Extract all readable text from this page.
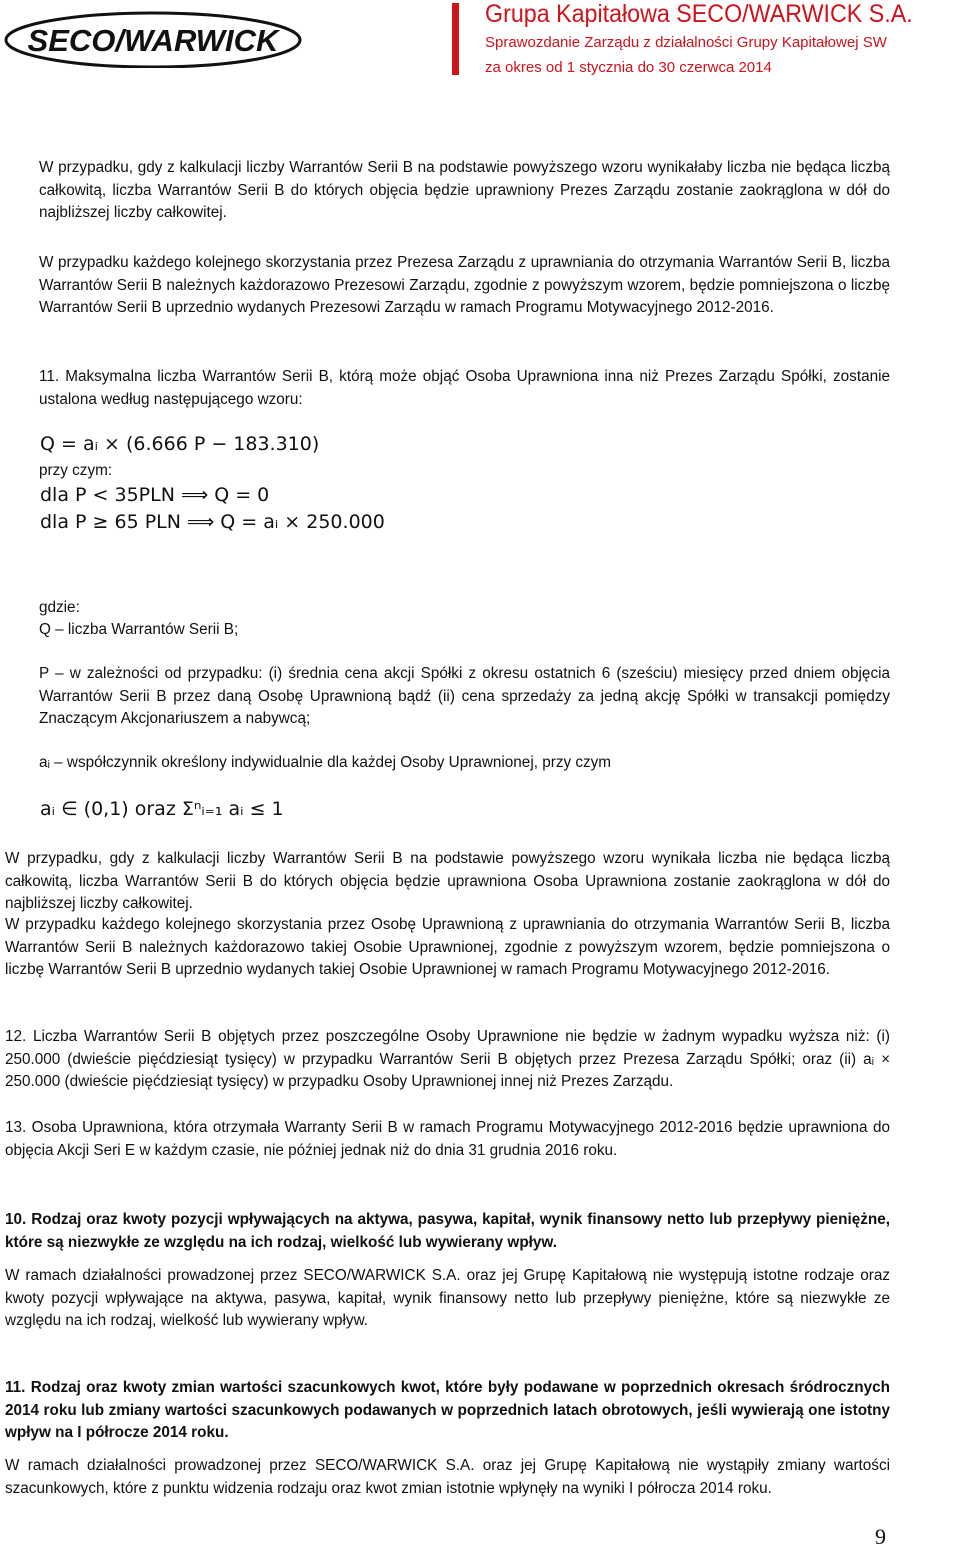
SECO/WARWICK
Grupa Kapitałowa SECO/WARWICK S.A.
Sprawozdanie Zarządu z działalności Grupy Kapitałowej SW
za okres od 1 stycznia do 30 czerwca 2014
W przypadku, gdy z kalkulacji liczby Warrantów Serii B na podstawie powyższego wzoru wynikałaby liczba nie będąca liczbą całkowitą, liczba Warrantów Serii B do których objęcia będzie uprawniony Prezes Zarządu zostanie zaokrąglona w dół do najbliższej liczby całkowitej.
W przypadku każdego kolejnego skorzystania przez Prezesa Zarządu z uprawniania do otrzymania Warrantów Serii B, liczba Warrantów Serii B należnych każdorazowo Prezesowi Zarządu, zgodnie z powyższym wzorem, będzie pomniejszona o liczbę Warrantów Serii B uprzednio wydanych Prezesowi Zarządu w ramach Programu Motywacyjnego 2012-2016.
11. Maksymalna liczba Warrantów Serii B, którą może objąć Osoba Uprawniona inna niż Prezes Zarządu Spółki, zostanie ustalona według następującego wzoru:
Q = aᵢ × (6.666 P − 183.310)
przy czym:
dla P < 35PLN ⟹ Q = 0
dla P ≥ 65 PLN ⟹ Q = aᵢ × 250.000
gdzie:
Q – liczba Warrantów Serii B;
P – w zależności od przypadku: (i) średnia cena akcji Spółki z okresu ostatnich 6 (sześciu) miesięcy przed dniem objęcia Warrantów Serii B przez daną Osobę Uprawnioną bądź (ii) cena sprzedaży za jedną akcję Spółki w transakcji pomiędzy Znaczącym Akcjonariuszem a nabywcą;
aᵢ – współczynnik określony indywidualnie dla każdej Osoby Uprawnionej, przy czym
aᵢ ∈ (0,1) oraz Σⁿᵢ₌₁ aᵢ ≤ 1
W przypadku, gdy z kalkulacji liczby Warrantów Serii B na podstawie powyższego wzoru wynikała liczba nie będąca liczbą całkowitą, liczba Warrantów Serii B do których objęcia będzie uprawniona Osoba Uprawniona zostanie zaokrąglona w dół do najbliższej liczby całkowitej.
W przypadku każdego kolejnego skorzystania przez Osobę Uprawnioną z uprawniania do otrzymania Warrantów Serii B, liczba Warrantów Serii B należnych każdorazowo takiej Osobie Uprawnionej, zgodnie z powyższym wzorem, będzie pomniejszona o liczbę Warrantów Serii B uprzednio wydanych takiej Osobie Uprawnionej w ramach Programu Motywacyjnego 2012-2016.
12. Liczba Warrantów Serii B objętych przez poszczególne Osoby Uprawnione nie będzie w żadnym wypadku wyższa niż: (i) 250.000 (dwieście pięćdziesiąt tysięcy) w przypadku Warrantów Serii B objętych przez Prezesa Zarządu Spółki; oraz (ii) aᵢ × 250.000 (dwieście pięćdziesiąt tysięcy) w przypadku Osoby Uprawnionej innej niż Prezes Zarządu.
13. Osoba Uprawniona, która otrzymała Warranty Serii B w ramach Programu Motywacyjnego 2012-2016 będzie uprawniona do objęcia Akcji Seri E w każdym czasie, nie później jednak niż do dnia 31 grudnia 2016 roku.
10. Rodzaj oraz kwoty pozycji wpływających na aktywa, pasywa, kapitał, wynik finansowy netto lub przepływy pieniężne, które są niezwykłe ze względu na ich rodzaj, wielkość lub wywierany wpływ.
W ramach działalności prowadzonej przez SECO/WARWICK S.A. oraz jej Grupę Kapitałową nie występują istotne rodzaje oraz kwoty pozycji wpływające na aktywa, pasywa, kapitał, wynik finansowy netto lub przepływy pieniężne, które są niezwykłe ze względu na ich rodzaj, wielkość lub wywierany wpływ.
11. Rodzaj oraz kwoty zmian wartości szacunkowych kwot, które były podawane w poprzednich okresach śródrocznych 2014 roku lub zmiany wartości szacunkowych podawanych w poprzednich latach obrotowych, jeśli wywierają one istotny wpływ na I półrocze 2014 roku.
W ramach działalności prowadzonej przez SECO/WARWICK S.A. oraz jej Grupę Kapitałową nie wystąpiły zmiany wartości szacunkowych, które z punktu widzenia rodzaju oraz kwot zmian istotnie wpłynęły na wyniki I półrocza 2014 roku.
9
